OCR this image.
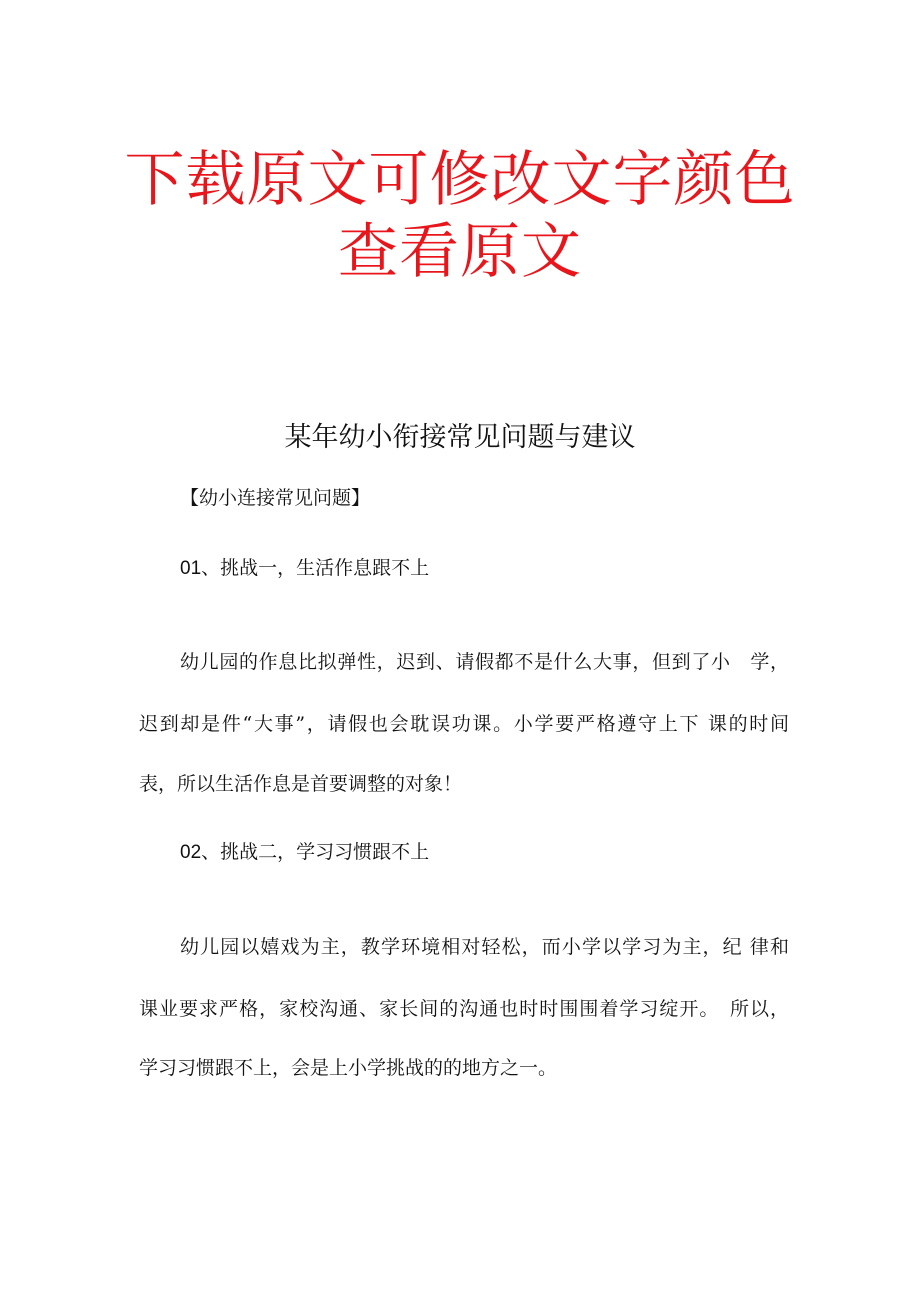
下载原文可修改文字颜色
查看原文
某年幼小衔接常见问题与建议
【幼小连接常见问题】
01、挑战一，生活作息跟不上
幼儿园的作息比拟弹性，迟到、请假都不是什么大事，但到了小　学，
迟到却是件“大事”，请假也会耽误功课。小学要严格遵守上下 课的时间
表，所以生活作息是首要调整的对象！
02、挑战二，学习习惯跟不上
幼儿园以嬉戏为主，教学环境相对轻松，而小学以学习为主，纪 律和
课业要求严格，家校沟通、家长间的沟通也时时围围着学习绽开。　所以，
学习习惯跟不上，会是上小学挑战的的地方之一。
